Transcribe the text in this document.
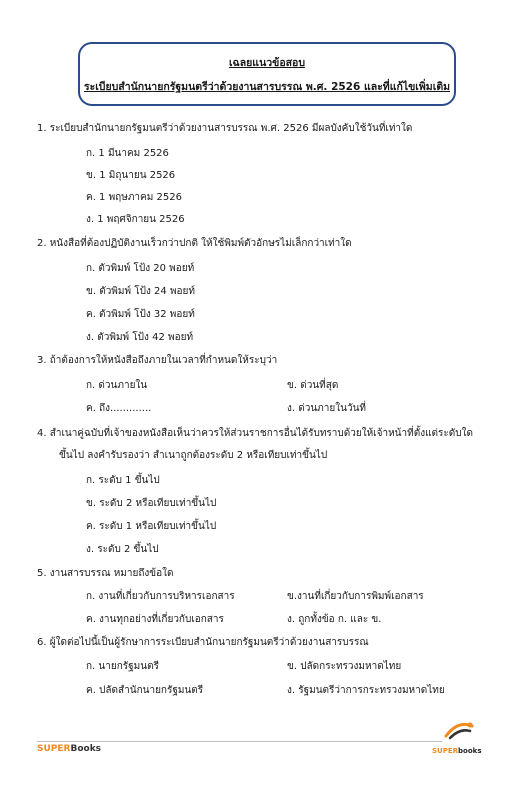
เฉลยแนวข้อสอบ
ระเบียบสำนักนายกรัฐมนตรีว่าด้วยงานสารบรรณ พ.ศ. 2526 และที่แก้ไขเพิ่มเติม
1. ระเบียบสำนักนายกรัฐมนตรีว่าด้วยงานสารบรรณ พ.ศ. 2526 มีผลบังคับใช้วันที่เท่าใด
ก. 1 มีนาคม 2526
ข. 1 มิถุนายน 2526
ค. 1 พฤษภาคม 2526
ง. 1 พฤศจิกายน 2526
2. หนังสือที่ต้องปฏิบัติงานเร็วกว่าปกติ ให้ใช้พิมพ์ตัวอักษรไม่เล็กกว่าเท่าใด
ก. ตัวพิมพ์ โป้ง 20 พอยท์
ข. ตัวพิมพ์ โป้ง 24 พอยท์
ค. ตัวพิมพ์ โป้ง 32 พอยท์
ง. ตัวพิมพ์ โป้ง 42 พอยท์
3. ถ้าต้องการให้หนังสือถึงภายในเวลาที่กำหนดให้ระบุว่า
ก. ด่วนภายใน	ข. ด่วนที่สุด
ค. ถึง.............	ง. ด่วนภายในวันที่
4. สำเนาคู่ฉบับที่เจ้าของหนังสือเห็นว่าควรให้ส่วนราชการอื่นได้รับทราบด้วยให้เจ้าหน้าที่ตั้งแต่ระดับใด
ขึ้นไป ลงคำรับรองว่า สำเนาถูกต้องระดับ 2 หรือเทียบเท่าขึ้นไป
ก. ระดับ 1 ขึ้นไป
ข. ระดับ 2 หรือเทียบเท่าขึ้นไป
ค. ระดับ 1 หรือเทียบเท่าขึ้นไป
ง. ระดับ 2 ขึ้นไป
5. งานสารบรรณ หมายถึงข้อใด
ก. งานที่เกี่ยวกับการบริหารเอกสาร	ข.งานที่เกี่ยวกับการพิมพ์เอกสาร
ค. งานทุกอย่างที่เกี่ยวกับเอกสาร	ง. ถูกทั้งข้อ ก. และ ข.
6. ผู้ใดต่อไปนี้เป็นผู้รักษาการระเบียบสำนักนายกรัฐมนตรีว่าด้วยงานสารบรรณ
ก. นายกรัฐมนตรี	ข. ปลัดกระทรวงมหาดไทย
ค. ปลัดสำนักนายกรัฐมนตรี	ง. รัฐมนตรีว่าการกระทรวงมหาดไทย
SUPERBooks	SUPERbooks
